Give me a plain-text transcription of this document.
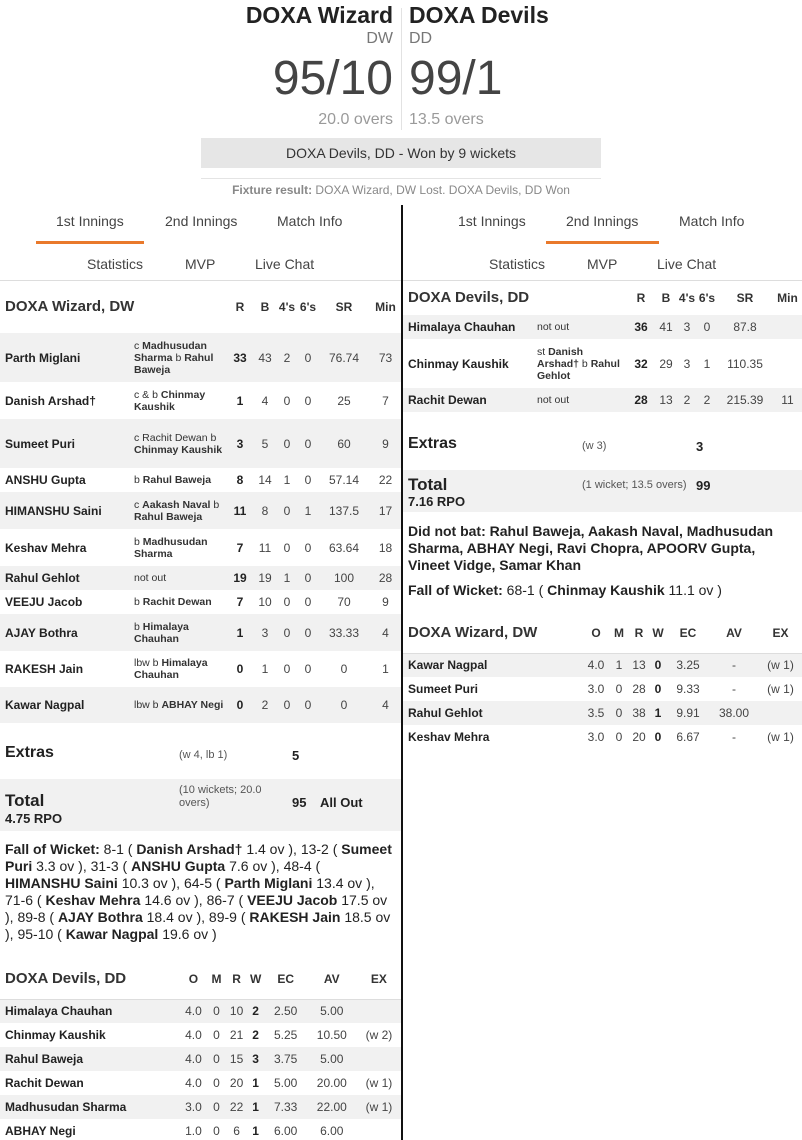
DOXA Wizard
DW
95/10
20.0 overs
DOXA Devils
DD
99/1
13.5 overs
DOXA Devils, DD - Won by 9 wickets
Fixture result: DOXA Wizard, DW Lost. DOXA Devils, DD Won
1st Innings	2nd Innings	Match Info
Statistics	MVP	Live Chat
DOXA Wizard, DW		R	B	4's	6's	SR	Min
Parth Miglani	c Madhusudan Sharma b Rahul Baweja	33	43	2	0	76.74	73
Danish Arshad†	c & b Chinmay Kaushik	1	4	0	0	25	7
Sumeet Puri	c Rachit Dewan b Chinmay Kaushik	3	5	0	0	60	9
ANSHU Gupta	b Rahul Baweja	8	14	1	0	57.14	22
HIMANSHU Saini	c Aakash Naval b Rahul Baweja	11	8	0	1	137.5	17
Keshav Mehra	b Madhusudan Sharma	7	11	0	0	63.64	18
Rahul Gehlot	not out	19	19	1	0	100	28
VEEJU Jacob	b Rachit Dewan	7	10	0	0	70	9
AJAY Bothra	b Himalaya Chauhan	1	3	0	0	33.33	4
RAKESH Jain	lbw b Himalaya Chauhan	0	1	0	0	0	1
Kawar Nagpal	lbw b ABHAY Negi	0	2	0	0	0	4
Extras	(w 4, lb 1)	5
Total
4.75 RPO
(10 wickets; 20.0 overs)	95 All Out
Fall of Wicket: 8-1 ( Danish Arshad† 1.4 ov ), 13-2 ( Sumeet Puri 3.3 ov ), 31-3 ( ANSHU Gupta 7.6 ov ), 48-4 ( HIMANSHU Saini 10.3 ov ), 64-5 ( Parth Miglani 13.4 ov ), 71-6 ( Keshav Mehra 14.6 ov ), 86-7 ( VEEJU Jacob 17.5 ov ), 89-8 ( AJAY Bothra 18.4 ov ), 89-9 ( RAKESH Jain 18.5 ov ), 95-10 ( Kawar Nagpal 19.6 ov )
DOXA Devils, DD	O	M	R	W	EC	AV	EX
Himalaya Chauhan	4.0	0	10	2	2.50	5.00	
Chinmay Kaushik	4.0	0	21	2	5.25	10.50	(w 2)
Rahul Baweja	4.0	0	15	3	3.75	5.00	
Rachit Dewan	4.0	0	20	1	5.00	20.00	(w 1)
Madhusudan Sharma	3.0	0	22	1	7.33	22.00	(w 1)
ABHAY Negi	1.0	0	6	1	6.00	6.00	
1st Innings	2nd Innings	Match Info
Statistics	MVP	Live Chat
DOXA Devils, DD		R	B	4's	6's	SR	Min
Himalaya Chauhan	not out	36	41	3	0	87.8	
Chinmay Kaushik	st Danish Arshad† b Rahul Gehlot	32	29	3	1	110.35	
Rachit Dewan	not out	28	13	2	2	215.39	11
Extras	(w 3)	3
Total
7.16 RPO
(1 wicket; 13.5 overs) 99
Did not bat: Rahul Baweja, Aakash Naval, Madhusudan Sharma, ABHAY Negi, Ravi Chopra, APOORV Gupta, Vineet Vidge, Samar Khan
Fall of Wicket: 68-1 ( Chinmay Kaushik 11.1 ov )
DOXA Wizard, DW	O	M	R	W	EC	AV	EX
Kawar Nagpal	4.0	1	13	0	3.25	-	(w 1)
Sumeet Puri	3.0	0	28	0	9.33	-	(w 1)
Rahul Gehlot	3.5	0	38	1	9.91	38.00	
Keshav Mehra	3.0	0	20	0	6.67	-	(w 1)
